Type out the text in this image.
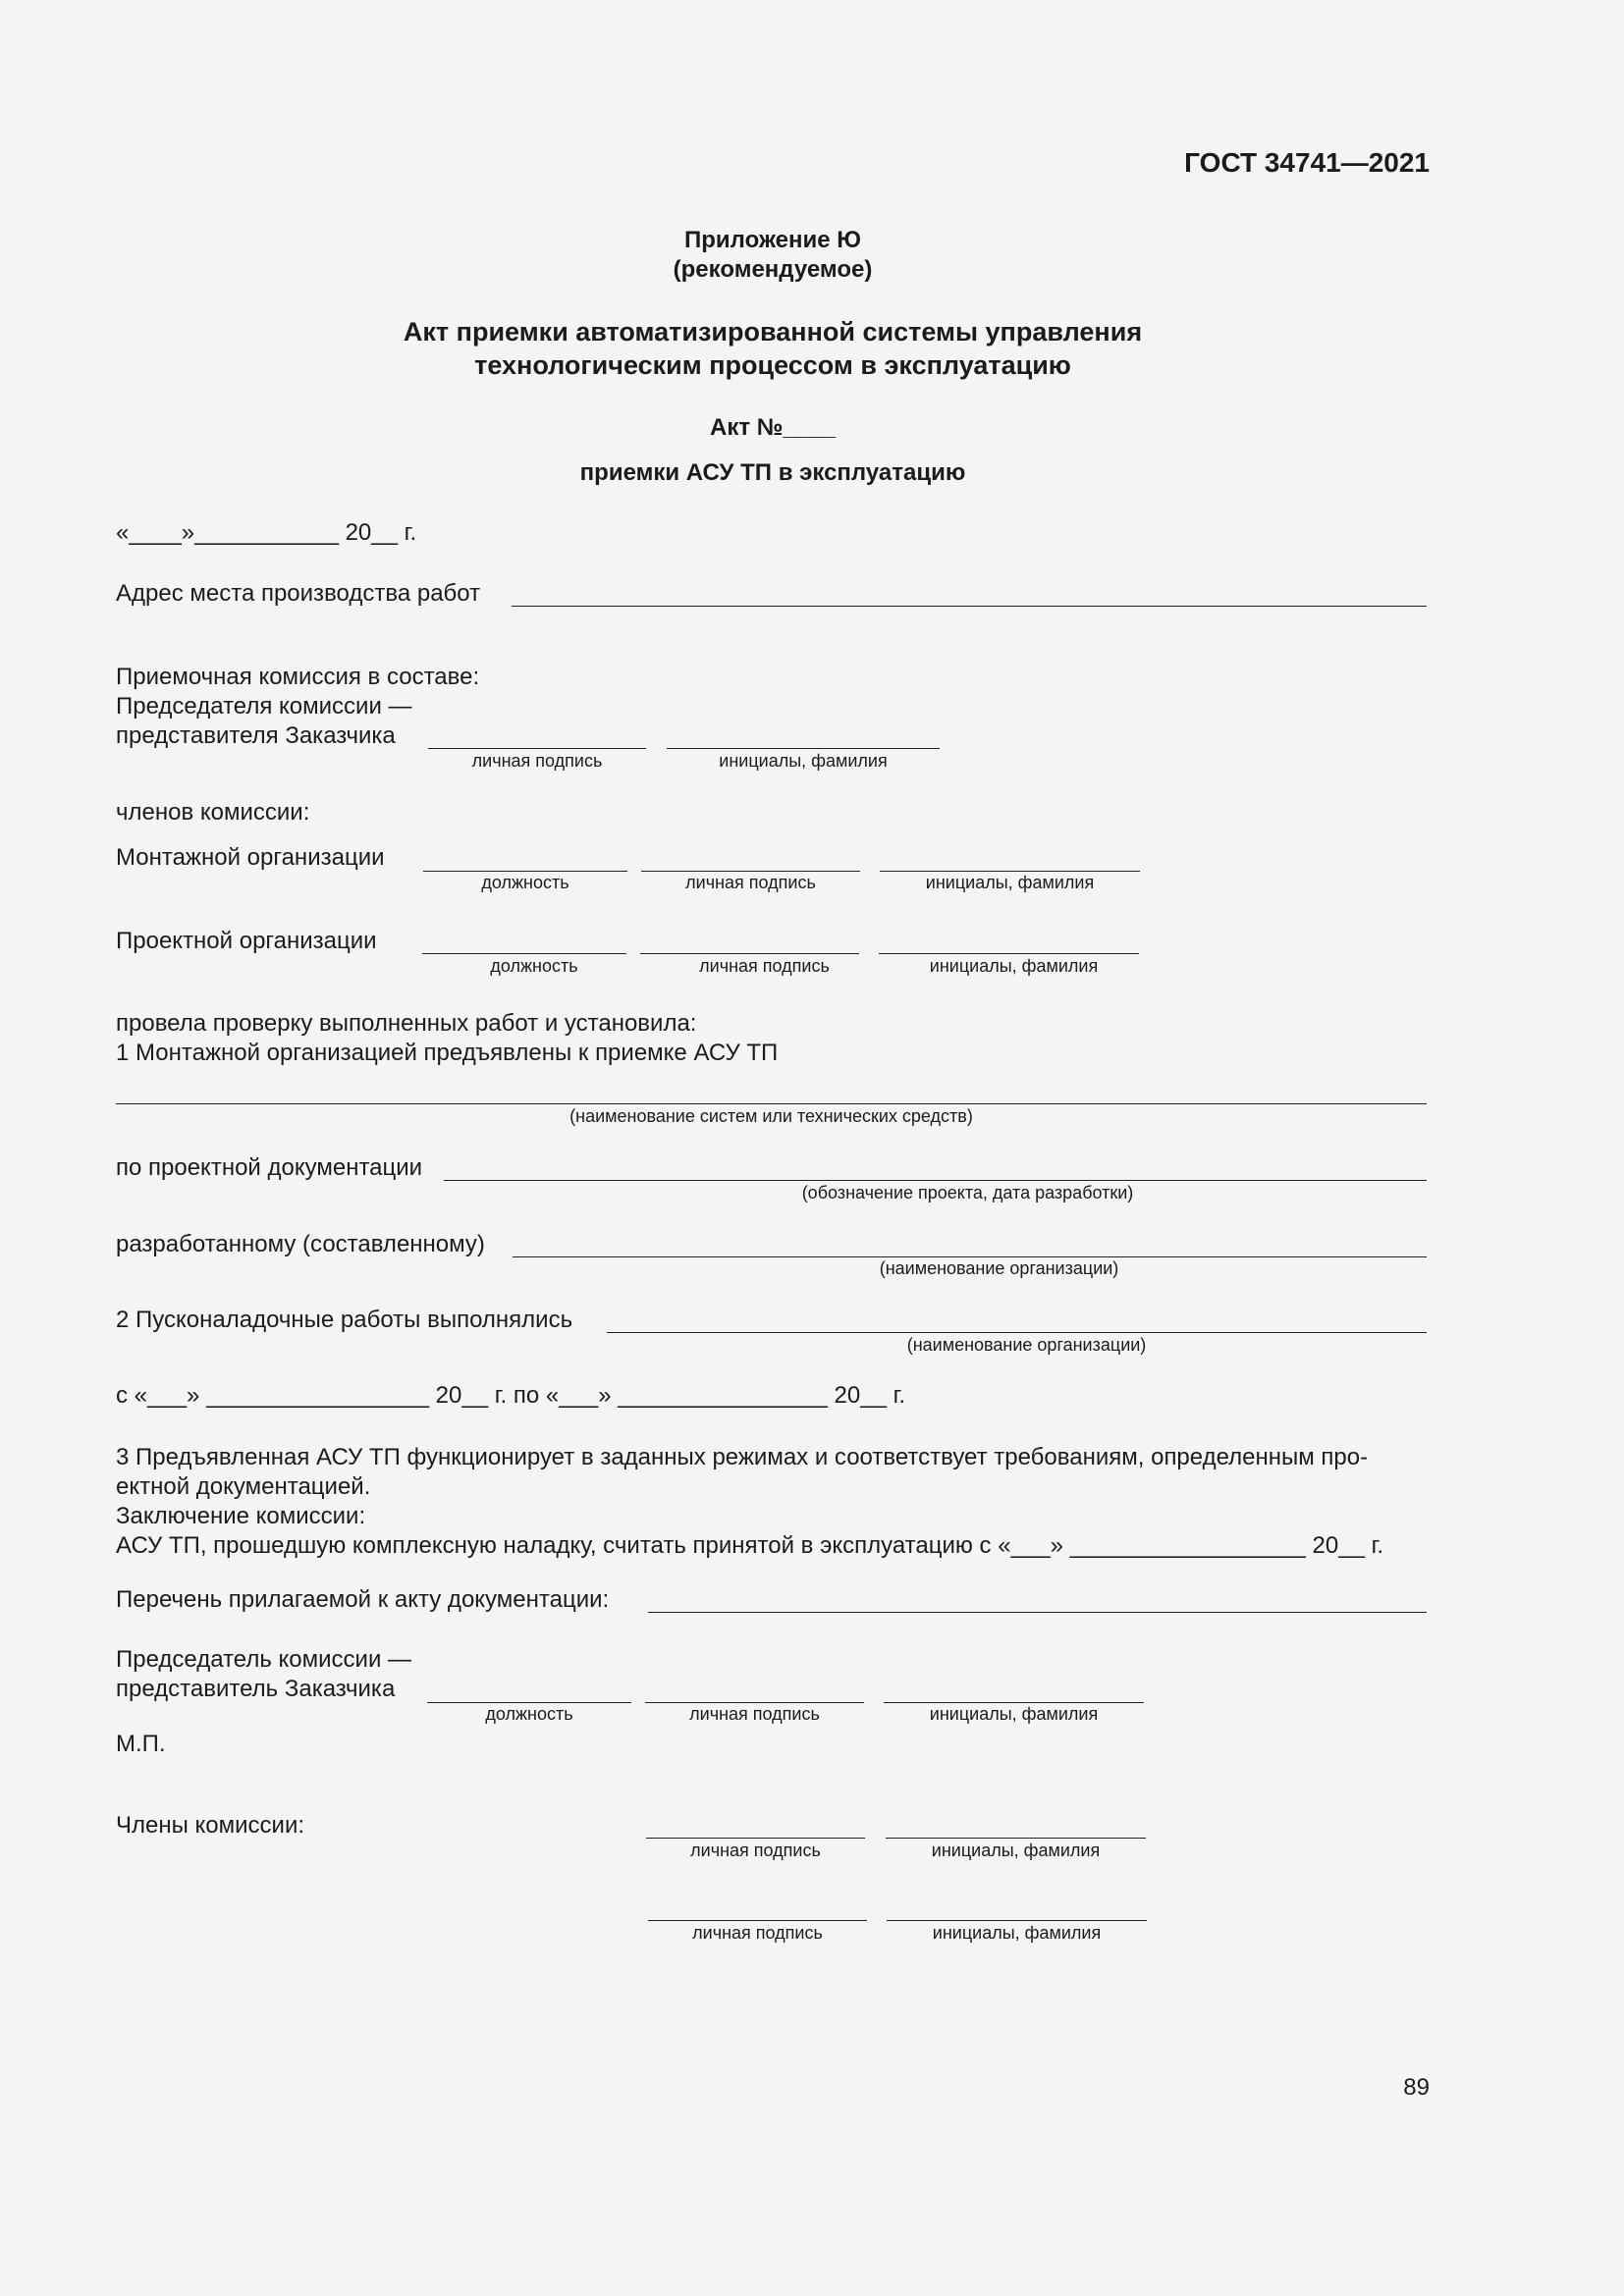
ГОСТ 34741—2021
Приложение Ю
(рекомендуемое)
Акт приемки автоматизированной системы управления
технологическим процессом в эксплуатацию
Акт №____
приемки АСУ ТП в эксплуатацию
«____»___________ 20__ г.
Адрес места производства работ
Приемочная комиссия в составе:
Председателя комиссии —
представителя Заказчика
личная подпись	инициалы, фамилия
членов комиссии:
Монтажной организации
должность	личная подпись	инициалы, фамилия
Проектной организации
должность	личная подпись	инициалы, фамилия
провела проверку выполненных работ и установила:
1 Монтажной организацией предъявлены к приемке АСУ ТП
(наименование систем или технических средств)
по проектной документации
(обозначение проекта, дата разработки)
разработанному (составленному)
(наименование организации)
2 Пусконаладочные работы выполнялись
(наименование организации)
с «___» _________________ 20__ г. по «___» ________________ 20__ г.
3 Предъявленная АСУ ТП функционирует в заданных режимах и соответствует требованиям, определенным про-
ектной документацией.
Заключение комиссии:
АСУ ТП, прошедшую комплексную наладку, считать принятой в эксплуатацию с «___» __________________ 20__ г.
Перечень прилагаемой к акту документации:
Председатель комиссии —
представитель Заказчика
должность	личная подпись	инициалы, фамилия
М.П.
Члены комиссии:
личная подпись	инициалы, фамилия
личная подпись	инициалы, фамилия
89
